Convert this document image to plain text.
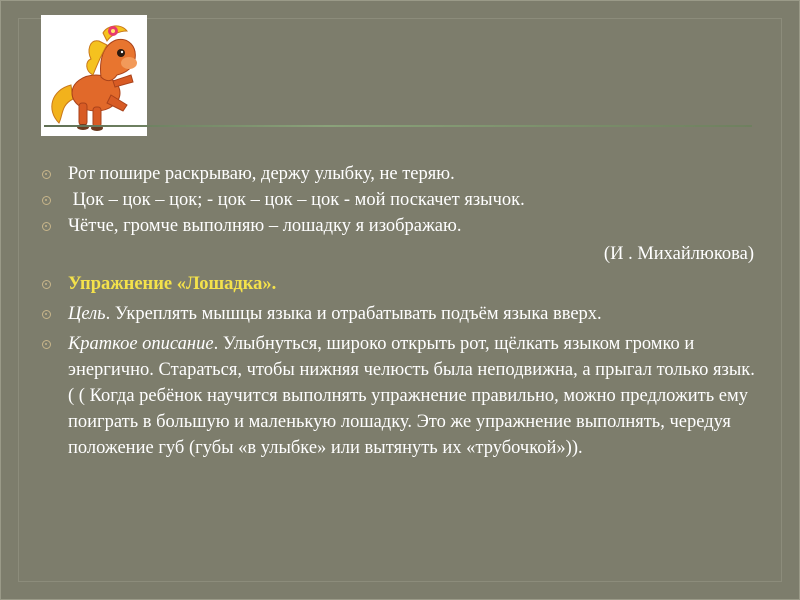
Рот пошире раскрываю, держу улыбку, не теряю.
Цок – цок – цок; - цок – цок – цок - мой поскачет язычок.
Чётче, громче выполняю – лошадку я изображаю.
(И . Михайлюкова)
Упражнение «Лошадка».
Цель. Укреплять мышцы языка и отрабатывать подъём языка вверх.
Краткое описание. Улыбнуться, широко открыть рот, щёлкать языком громко и энергично. Стараться, чтобы нижняя челюсть была неподвижна, а прыгал только язык. ( ( Когда ребёнок научится выполнять упражнение правильно, можно предложить ему поиграть в большую и маленькую лошадку. Это же упражнение выполнять, чередуя положение губ (губы «в улыбке» или вытянуть их «трубочкой»)).
